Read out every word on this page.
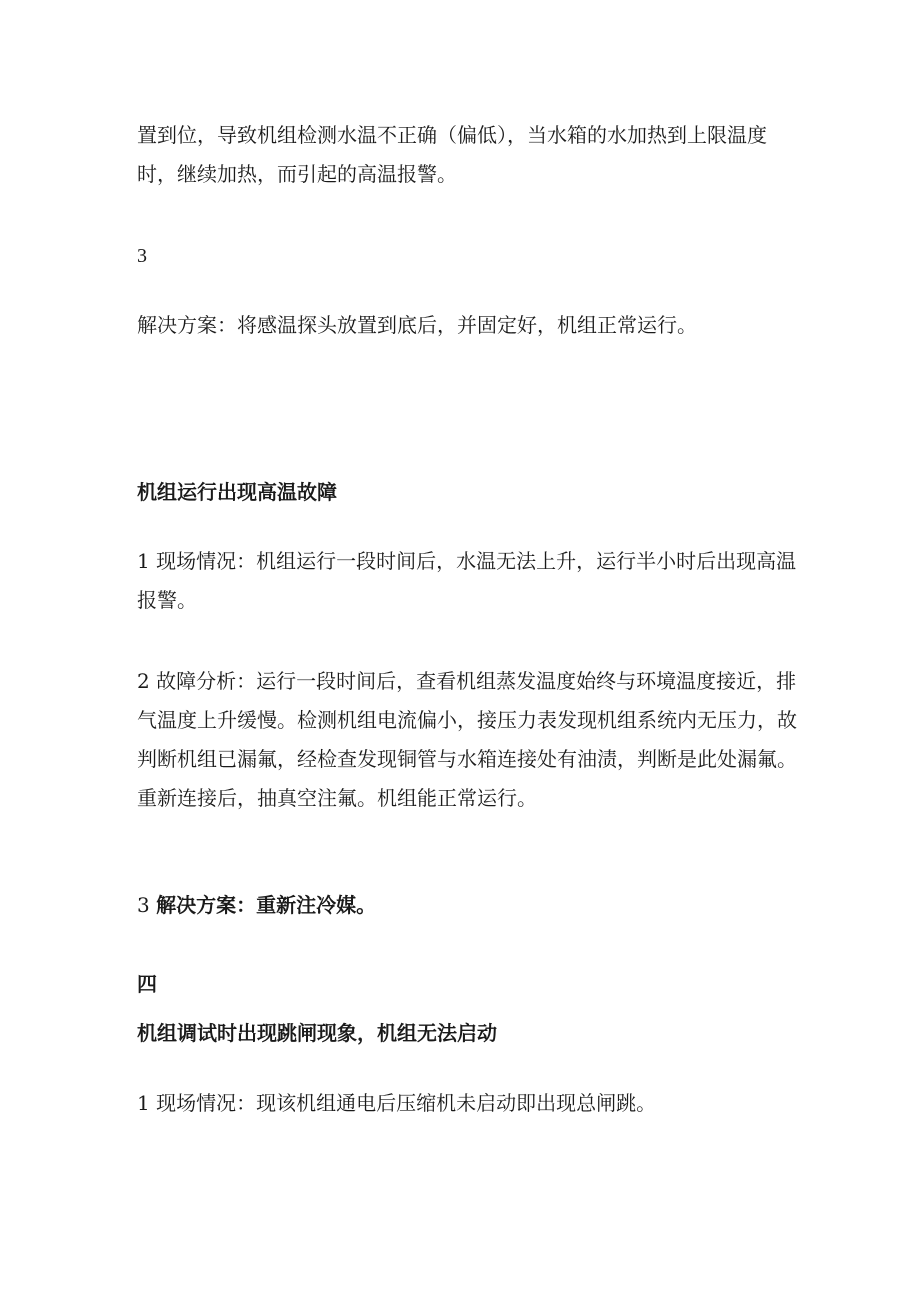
置到位，导致机组检测水温不正确（偏低），当水箱的水加热到上限温度时，继续加热，而引起的高温报警。

3

解决方案：将感温探头放置到底后，并固定好，机组正常运行。

机组运行出现高温故障

1 现场情况：机组运行一段时间后，水温无法上升，运行半小时后出现高温报警。

2 故障分析：运行一段时间后，查看机组蒸发温度始终与环境温度接近，排气温度上升缓慢。检测机组电流偏小，接压力表发现机组系统内无压力，故判断机组已漏氟，经检查发现铜管与水箱连接处有油渍，判断是此处漏氟。重新连接后，抽真空注氟。机组能正常运行。

3 解决方案：重新注冷媒。

四

机组调试时出现跳闸现象，机组无法启动

1 现场情况：现该机组通电后压缩机未启动即出现总闸跳。
